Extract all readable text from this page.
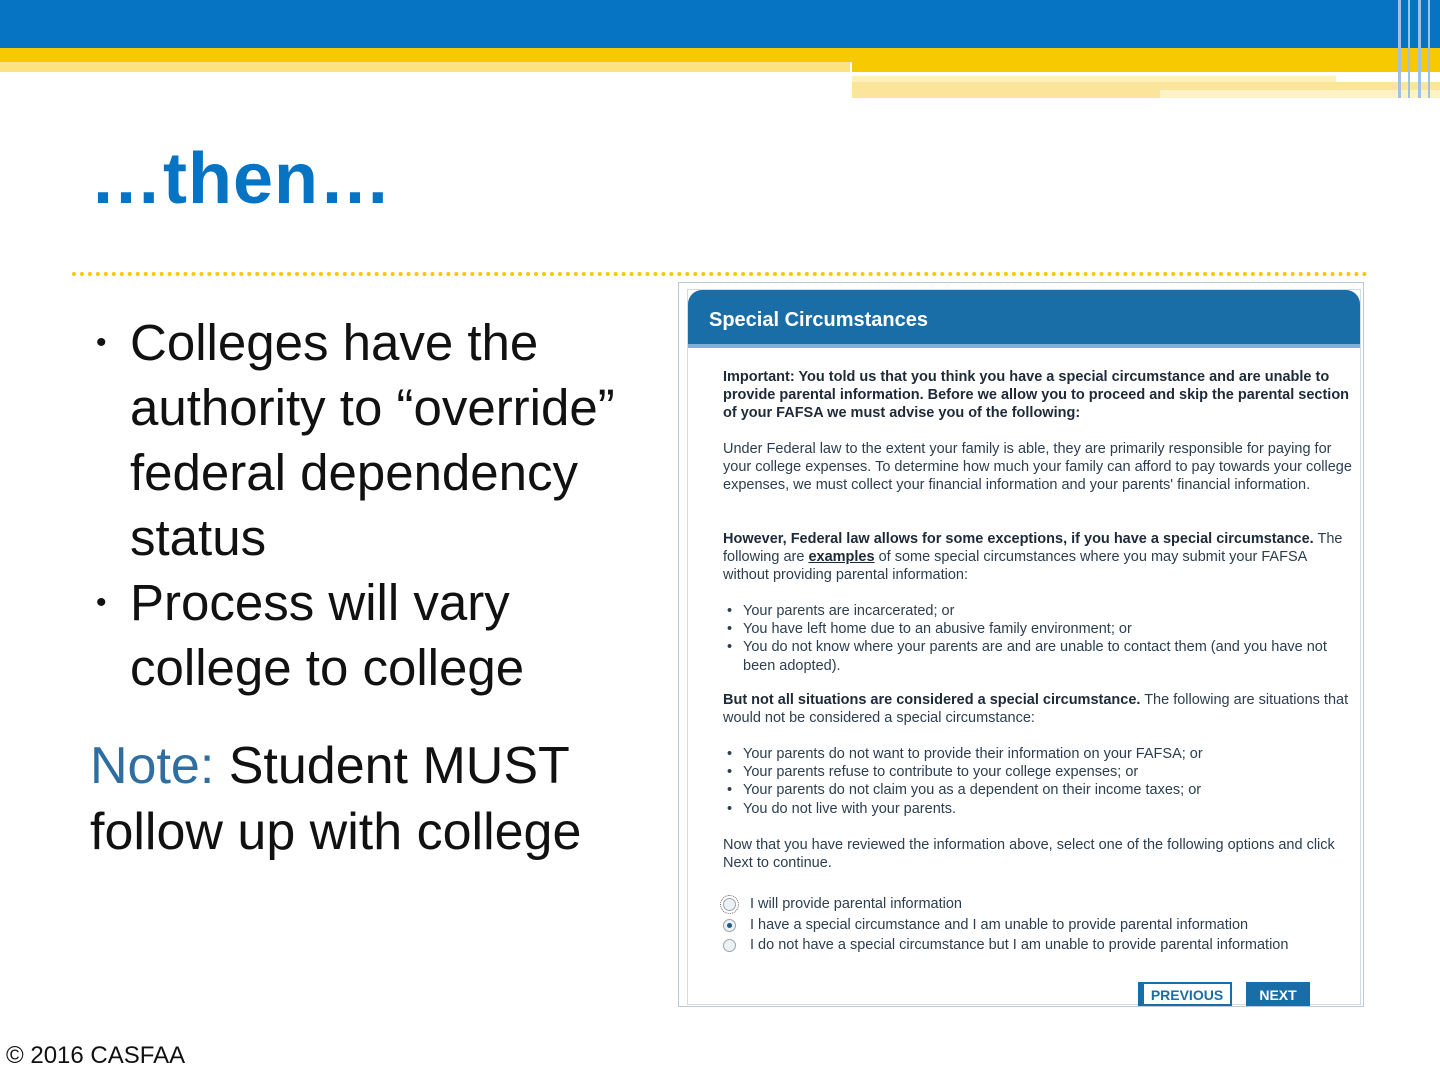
…then…
• Colleges have the authority to “override” federal dependency status
• Process will vary college to college
Note: Student MUST follow up with college
© 2016 CASFAA
Special Circumstances
Important: You told us that you think you have a special circumstance and are unable to provide parental information. Before we allow you to proceed and skip the parental section of your FAFSA we must advise you of the following:
Under Federal law to the extent your family is able, they are primarily responsible for paying for your college expenses. To determine how much your family can afford to pay towards your college expenses, we must collect your financial information and your parents' financial information.
However, Federal law allows for some exceptions, if you have a special circumstance. The following are examples of some special circumstances where you may submit your FAFSA without providing parental information:
• Your parents are incarcerated; or
• You have left home due to an abusive family environment; or
• You do not know where your parents are and are unable to contact them (and you have not been adopted).
But not all situations are considered a special circumstance. The following are situations that would not be considered a special circumstance:
• Your parents do not want to provide their information on your FAFSA; or
• Your parents refuse to contribute to your college expenses; or
• Your parents do not claim you as a dependent on their income taxes; or
• You do not live with your parents.
Now that you have reviewed the information above, select one of the following options and click Next to continue.
I will provide parental information
I have a special circumstance and I am unable to provide parental information
I do not have a special circumstance but I am unable to provide parental information
PREVIOUS	NEXT
